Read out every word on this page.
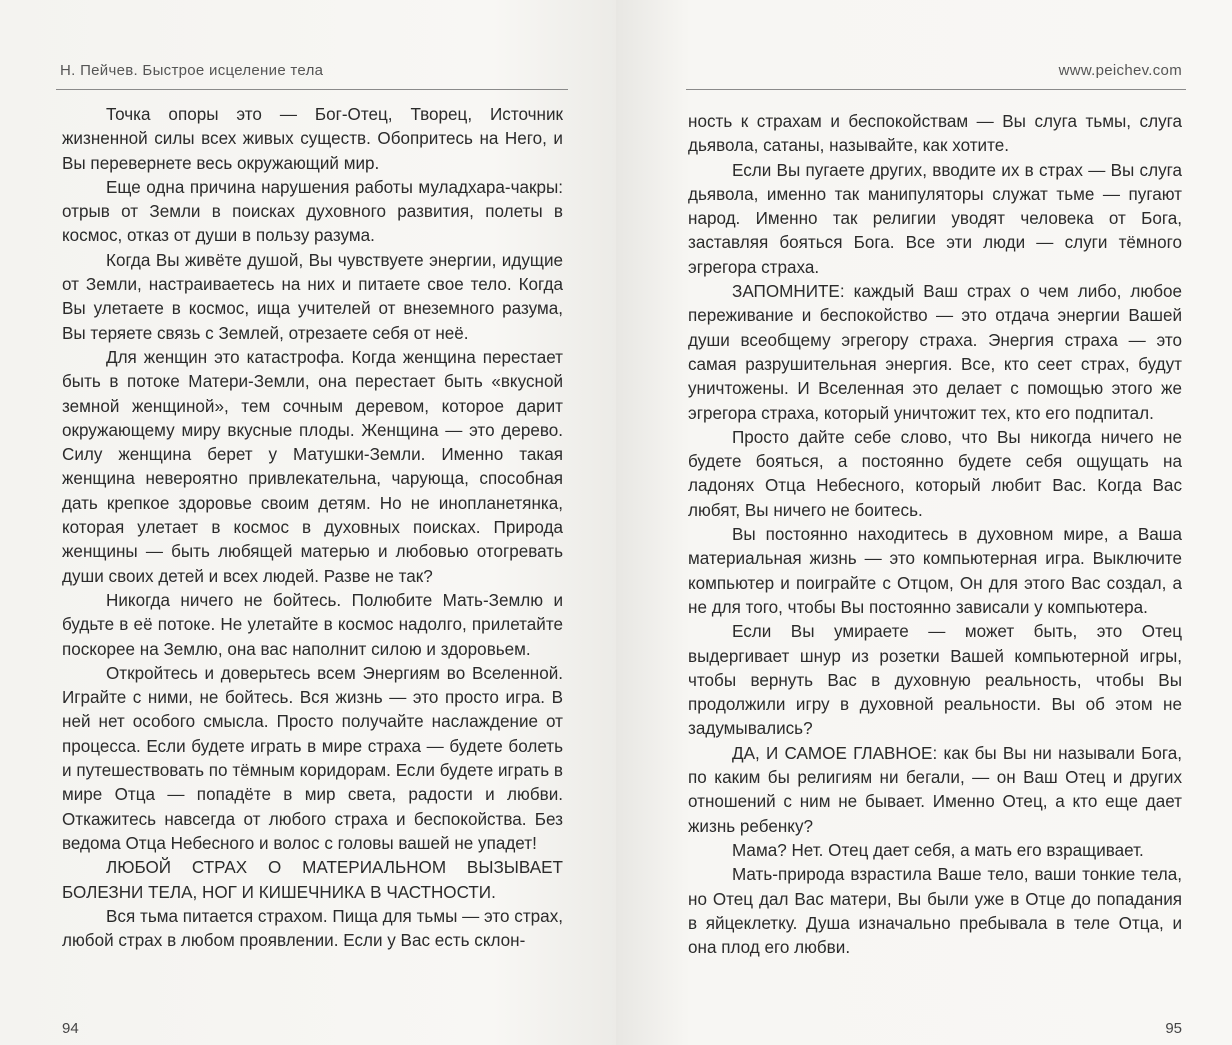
Н. Пейчев. Быстрое исцеление тела

Точка опоры это — Бог-Отец, Творец, Источник жизненной силы всех живых существ. Обопритесь на Него, и Вы перевернете весь окружающий мир.

Еще одна причина нарушения работы муладхара-чакры: отрыв от Земли в поисках духовного развития, полеты в космос, отказ от души в пользу разума.

Когда Вы живёте душой, Вы чувствуете энергии, идущие от Земли, настраиваетесь на них и питаете свое тело. Когда Вы улетаете в космос, ища учителей от внеземного разума, Вы теряете связь с Землей, отрезаете себя от неё.

Для женщин это катастрофа. Когда женщина перестает быть в потоке Матери-Земли, она перестает быть «вкусной земной женщиной», тем сочным деревом, которое дарит окружающему миру вкусные плоды. Женщина — это дерево. Силу женщина берет у Матушки-Земли. Именно такая женщина невероятно привлекательна, чарующа, способная дать крепкое здоровье своим детям. Но не инопланетянка, которая улетает в космос в духовных поисках. Природа женщины — быть любящей матерью и любовью отогревать души своих детей и всех людей. Разве не так?

Никогда ничего не бойтесь. Полюбите Мать-Землю и будьте в её потоке. Не улетайте в космос надолго, прилетайте поскорее на Землю, она вас наполнит силою и здоровьем.

Откройтесь и доверьтесь всем Энергиям во Вселенной. Играйте с ними, не бойтесь. Вся жизнь — это просто игра. В ней нет особого смысла. Просто получайте наслаждение от процесса. Если будете играть в мире страха — будете болеть и путешествовать по тёмным коридорам. Если будете играть в мире Отца — попадёте в мир света, радости и любви. Откажитесь навсегда от любого страха и беспокойства. Без ведома Отца Небесного и волос с головы вашей не упадет!

ЛЮБОЙ СТРАХ О МАТЕРИАЛЬНОМ ВЫЗЫВАЕТ БОЛЕЗНИ ТЕЛА, НОГ И КИШЕЧНИКА В ЧАСТНОСТИ.

Вся тьма питается страхом. Пища для тьмы — это страх, любой страх в любом проявлении. Если у Вас есть склон-

94
www.peichev.com

ность к страхам и беспокойствам — Вы слуга тьмы, слуга дьявола, сатаны, называйте, как хотите.

Если Вы пугаете других, вводите их в страх — Вы слуга дьявола, именно так манипуляторы служат тьме — пугают народ. Именно так религии уводят человека от Бога, заставляя бояться Бога. Все эти люди — слуги тёмного эгрегора страха.

ЗАПОМНИТЕ: каждый Ваш страх о чем либо, любое переживание и беспокойство — это отдача энергии Вашей души всеобщему эгрегору страха. Энергия страха — это самая разрушительная энергия. Все, кто сеет страх, будут уничтожены. И Вселенная это делает с помощью этого же эгрегора страха, который уничтожит тех, кто его подпитал.

Просто дайте себе слово, что Вы никогда ничего не будете бояться, а постоянно будете себя ощущать на ладонях Отца Небесного, который любит Вас. Когда Вас любят, Вы ничего не боитесь.

Вы постоянно находитесь в духовном мире, а Ваша материальная жизнь — это компьютерная игра. Выключите компьютер и поиграйте с Отцом, Он для этого Вас создал, а не для того, чтобы Вы постоянно зависали у компьютера.

Если Вы умираете — может быть, это Отец выдергивает шнур из розетки Вашей компьютерной игры, чтобы вернуть Вас в духовную реальность, чтобы Вы продолжили игру в духовной реальности. Вы об этом не задумывались?

ДА, И САМОЕ ГЛАВНОЕ: как бы Вы ни называли Бога, по каким бы религиям ни бегали, — он Ваш Отец и других отношений с ним не бывает. Именно Отец, а кто еще дает жизнь ребенку?

Мама? Нет. Отец дает себя, а мать его взращивает.

Мать-природа взрастила Ваше тело, ваши тонкие тела, но Отец дал Вас матери, Вы были уже в Отце до попадания в яйцеклетку. Душа изначально пребывала в теле Отца, и она плод его любви.

95
